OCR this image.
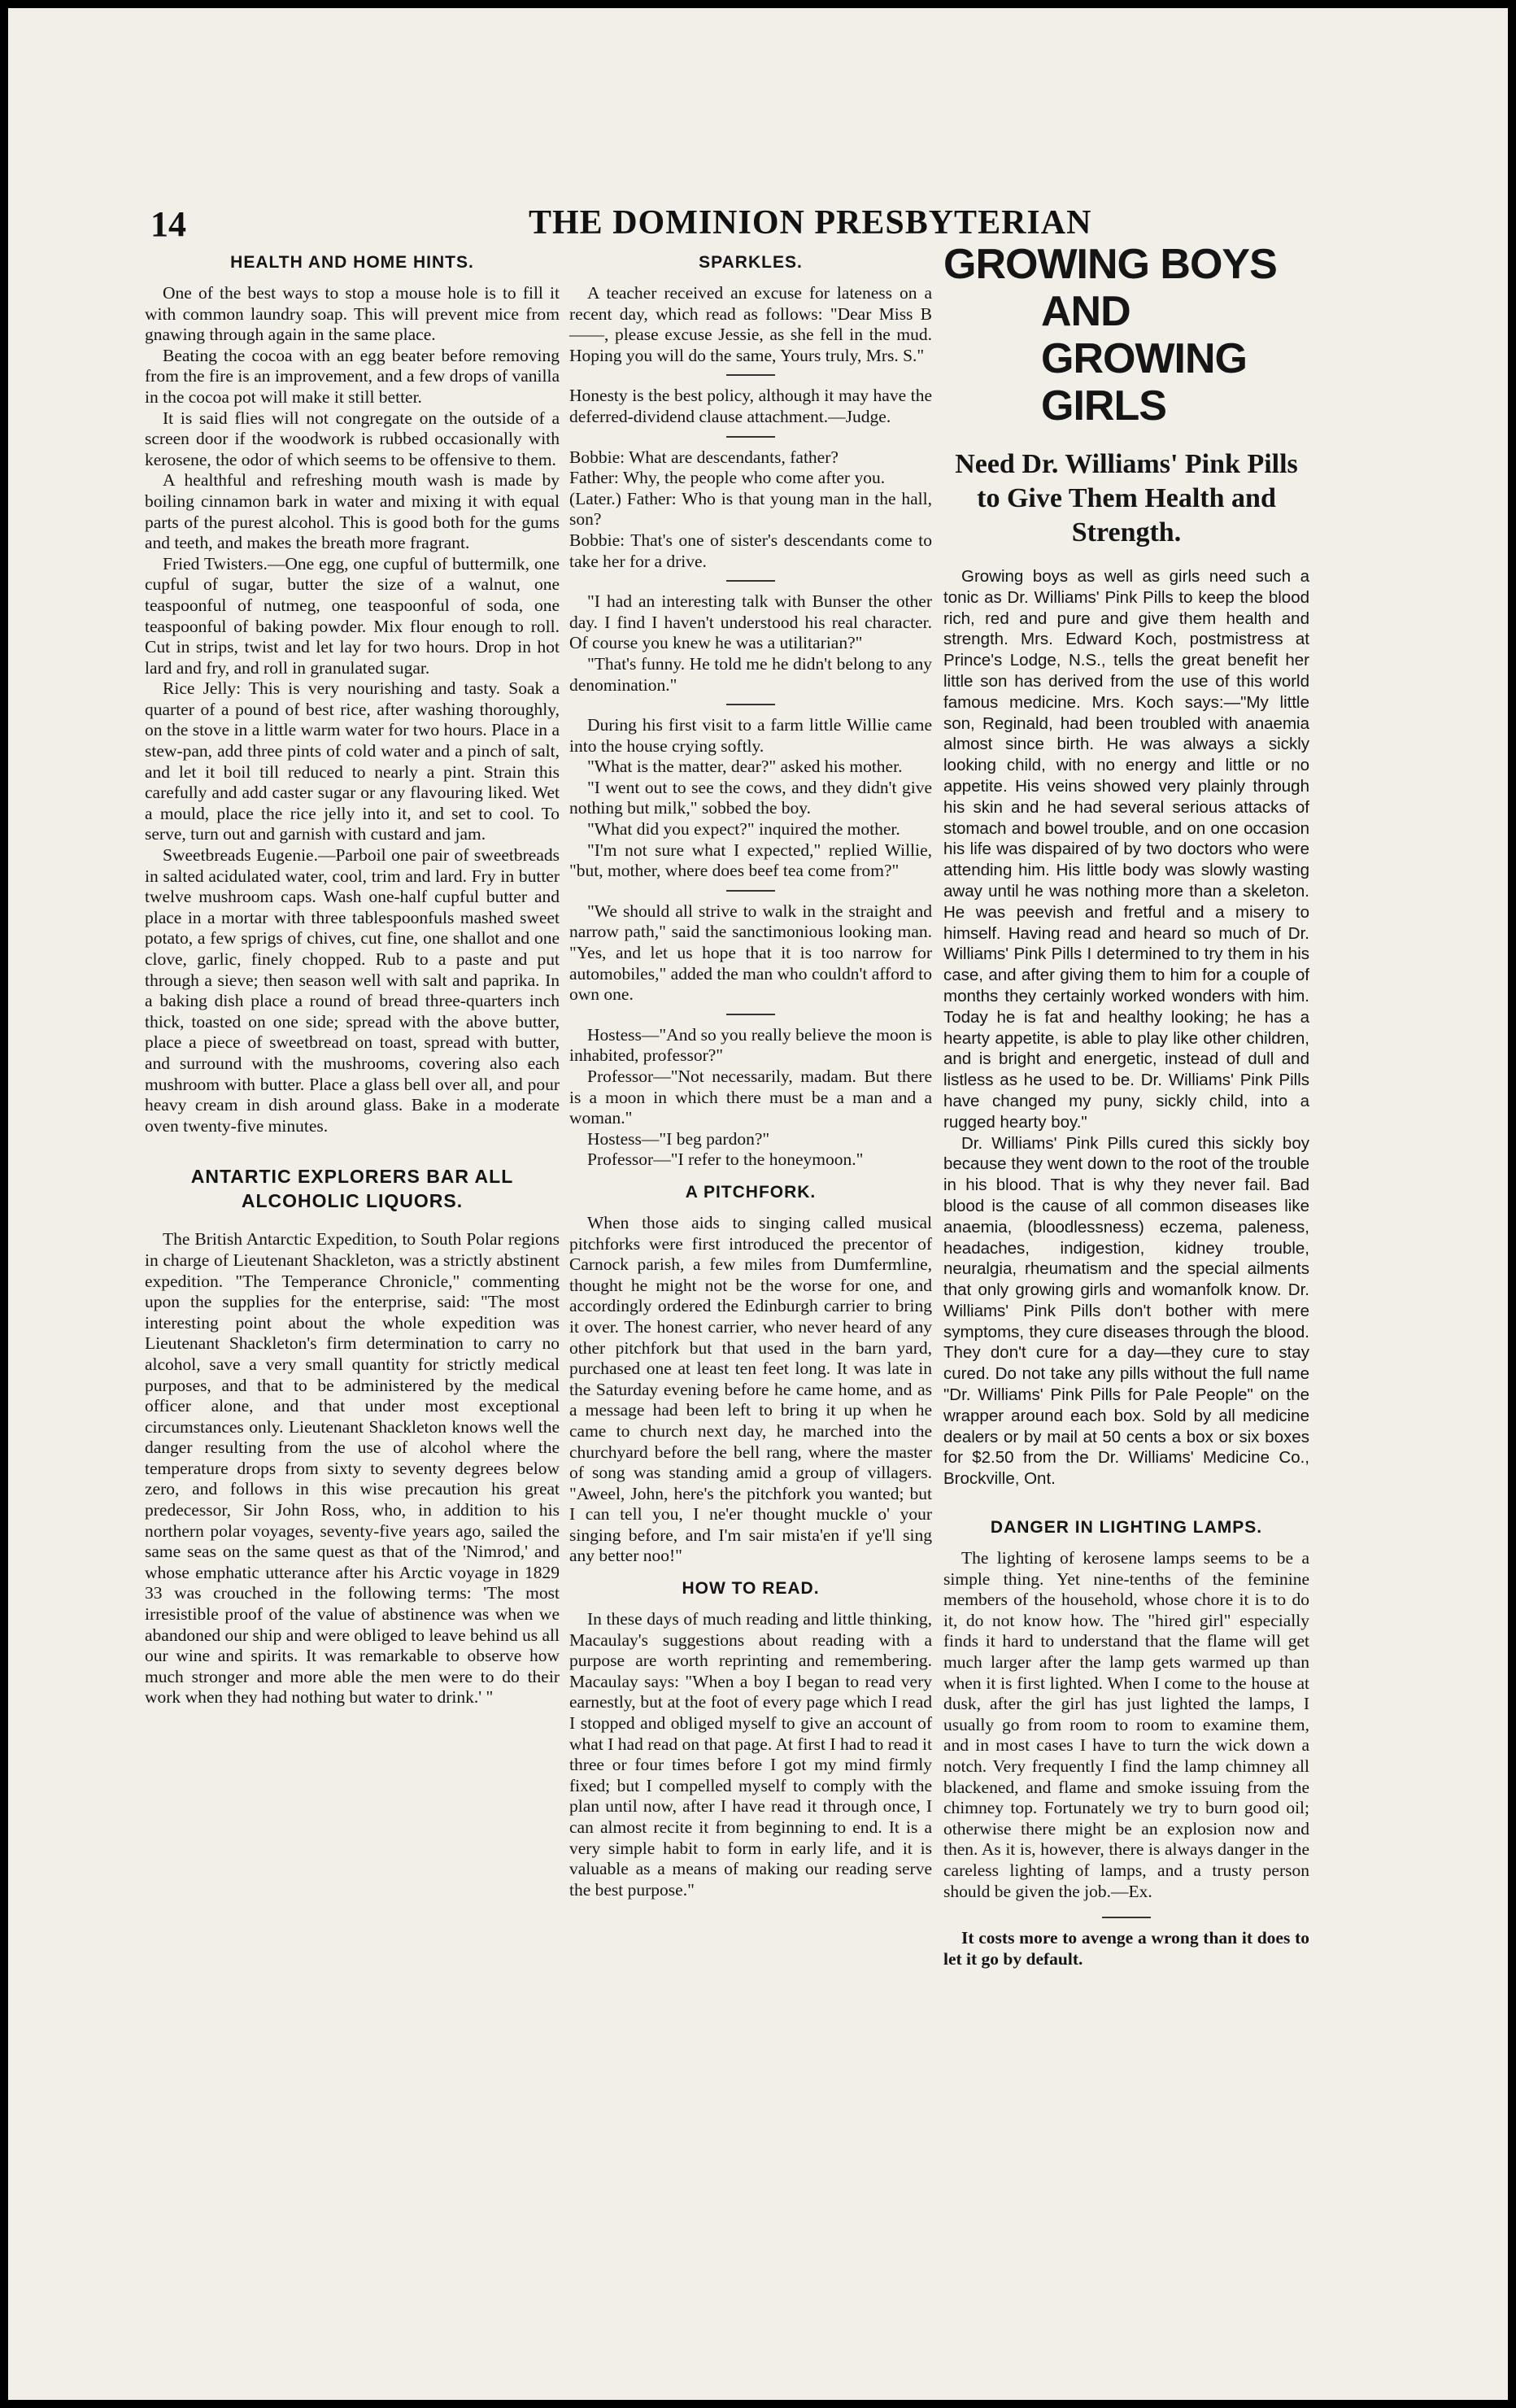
14	THE DOMINION PRESBYTERIAN
HEALTH AND HOME HINTS.

One of the best ways to stop a mouse hole is to fill it with common laundry soap. This will prevent mice from gnawing through again in the same place.

Beating the cocoa with an egg beater before removing from the fire is an improvement, and a few drops of vanilla in the cocoa pot will make it still better.

It is said flies will not congregate on the outside of a screen door if the woodwork is rubbed occasionally with kerosene, the odor of which seems to be offensive to them.

A healthful and refreshing mouth wash is made by boiling cinnamon bark in water and mixing it with equal parts of the purest alcohol. This is good both for the gums and teeth, and makes the breath more fragrant.

Fried Twisters.—One egg, one cupful of buttermilk, one cupful of sugar, butter the size of a walnut, one teaspoonful of nutmeg, one teaspoonful of soda, one teaspoonful of baking powder. Mix flour enough to roll. Cut in strips, twist and let lay for two hours. Drop in hot lard and fry, and roll in granulated sugar.

Rice Jelly: This is very nourishing and tasty. Soak a quarter of a pound of best rice, after washing thoroughly, on the stove in a little warm water for two hours. Place in a stew-pan, add three pints of cold water and a pinch of salt, and let it boil till reduced to nearly a pint. Strain this carefully and add caster sugar or any flavouring liked. Wet a mould, place the rice jelly into it, and set to cool. To serve, turn out and garnish with custard and jam.

Sweetbreads Eugenie.—Parboil one pair of sweetbreads in salted acidulated water, cool, trim and lard. Fry in butter twelve mushroom caps. Wash one-half cupful butter and place in a mortar with three tablespoonfuls mashed sweet potato, a few sprigs of chives, cut fine, one shallot and one clove, garlic, finely chopped. Rub to a paste and put through a sieve; then season well with salt and paprika. In a baking dish place a round of bread three-quarters inch thick, toasted on one side; spread with the above butter, place a piece of sweetbread on toast, spread with butter, and surround with the mushrooms, covering also each mushroom with butter. Place a glass bell over all, and pour heavy cream in dish around glass. Bake in a moderate oven twenty-five minutes.

ANTARTIC EXPLORERS BAR ALL ALCOHOLIC LIQUORS.

The British Antarctic Expedition, to South Polar regions in charge of Lieutenant Shackleton, was a strictly abstinent expedition. "The Temperance Chronicle," commenting upon the supplies for the enterprise, said: "The most interesting point about the whole expedition was Lieutenant Shackleton's firm determination to carry no alcohol, save a very small quantity for strictly medical purposes, and that to be administered by the medical officer alone, and that under most exceptional circumstances only. Lieutenant Shackleton knows well the danger resulting from the use of alcohol where the temperature drops from sixty to seventy degrees below zero, and follows in this wise precaution his great predecessor, Sir John Ross, who, in addition to his northern polar voyages, seventy-five years ago, sailed the same seas on the same quest as that of the 'Nimrod,' and whose emphatic utterance after his Arctic voyage in 1829 33 was crouched in the following terms: 'The most irresistible proof of the value of abstinence was when we abandoned our ship and were obliged to leave behind us all our wine and spirits. It was remarkable to observe how much stronger and more able the men were to do their work when they had nothing but water to drink.' "

SPARKLES.

A teacher received an excuse for lateness on a recent day, which read as follows: "Dear Miss B——, please excuse Jessie, as she fell in the mud. Hoping you will do the same, Yours truly, Mrs. S."

Honesty is the best policy, although it may have the deferred-dividend clause attachment.—Judge.

Bobbie: What are descendants, father?

Father: Why, the people who come after you.

(Later.) Father: Who is that young man in the hall, son?

Bobbie: That's one of sister's descendants come to take her for a drive.

"I had an interesting talk with Bunser the other day. I find I haven't understood his real character. Of course you knew he was a utilitarian?"

"That's funny. He told me he didn't belong to any denomination."

During his first visit to a farm little Willie came into the house crying softly.

"What is the matter, dear?" asked his mother.

"I went out to see the cows, and they didn't give nothing but milk," sobbed the boy.

"What did you expect?" inquired the mother.

"I'm not sure what I expected," replied Willie, "but, mother, where does beef tea come from?"

"We should all strive to walk in the straight and narrow path," said the sanctimonious looking man. "Yes, and let us hope that it is too narrow for automobiles," added the man who couldn't afford to own one.

Hostess—"And so you really believe the moon is inhabited, professor?"

Professor—"Not necessarily, madam. But there is a moon in which there must be a man and a woman."

Hostess—"I beg pardon?"

Professor—"I refer to the honeymoon."

A PITCHFORK.

When those aids to singing called musical pitchforks were first introduced the precentor of Carnock parish, a few miles from Dumfermline, thought he might not be the worse for one, and accordingly ordered the Edinburgh carrier to bring it over. The honest carrier, who never heard of any other pitchfork but that used in the barn yard, purchased one at least ten feet long. It was late in the Saturday evening before he came home, and as a message had been left to bring it up when he came to church next day, he marched into the churchyard before the bell rang, where the master of song was standing amid a group of villagers. "Aweel, John, here's the pitchfork you wanted; but I can tell you, I ne'er thought muckle o' your singing before, and I'm sair mista'en if ye'll sing any better noo!"

HOW TO READ.

In these days of much reading and little thinking, Macaulay's suggestions about reading with a purpose are worth reprinting and remembering. Macaulay says: "When a boy I began to read very earnestly, but at the foot of every page which I read I stopped and obliged myself to give an account of what I had read on that page. At first I had to read it three or four times before I got my mind firmly fixed; but I compelled myself to comply with the plan until now, after I have read it through once, I can almost recite it from beginning to end. It is a very simple habit to form in early life, and it is valuable as a means of making our reading serve the best purpose."

GROWING BOYS
AND GROWING GIRLS
Need Dr. Williams' Pink Pills to Give Them Health and Strength.

Growing boys as well as girls need such a tonic as Dr. Williams' Pink Pills to keep the blood rich, red and pure and give them health and strength. Mrs. Edward Koch, postmistress at Prince's Lodge, N.S., tells the great benefit her little son has derived from the use of this world famous medicine. Mrs. Koch says:—"My little son, Reginald, had been troubled with anaemia almost since birth. He was always a sickly looking child, with no energy and little or no appetite. His veins showed very plainly through his skin and he had several serious attacks of stomach and bowel trouble, and on one occasion his life was dispaired of by two doctors who were attending him. His little body was slowly wasting away until he was nothing more than a skeleton. He was peevish and fretful and a misery to himself. Having read and heard so much of Dr. Williams' Pink Pills I determined to try them in his case, and after giving them to him for a couple of months they certainly worked wonders with him. Today he is fat and healthy looking; he has a hearty appetite, is able to play like other children, and is bright and energetic, instead of dull and listless as he used to be. Dr. Williams' Pink Pills have changed my puny, sickly child, into a rugged hearty boy."

Dr. Williams' Pink Pills cured this sickly boy because they went down to the root of the trouble in his blood. That is why they never fail. Bad blood is the cause of all common diseases like anaemia, (bloodlessness) eczema, paleness, headaches, indigestion, kidney trouble, neuralgia, rheumatism and the special ailments that only growing girls and womanfolk know. Dr. Williams' Pink Pills don't bother with mere symptoms, they cure diseases through the blood. They don't cure for a day—they cure to stay cured. Do not take any pills without the full name "Dr. Williams' Pink Pills for Pale People" on the wrapper around each box. Sold by all medicine dealers or by mail at 50 cents a box or six boxes for $2.50 from the Dr. Williams' Medicine Co., Brockville, Ont.

DANGER IN LIGHTING LAMPS.

The lighting of kerosene lamps seems to be a simple thing. Yet nine-tenths of the feminine members of the household, whose chore it is to do it, do not know how. The "hired girl" especially finds it hard to understand that the flame will get much larger after the lamp gets warmed up than when it is first lighted. When I come to the house at dusk, after the girl has just lighted the lamps, I usually go from room to room to examine them, and in most cases I have to turn the wick down a notch. Very frequently I find the lamp chimney all blackened, and flame and smoke issuing from the chimney top. Fortunately we try to burn good oil; otherwise there might be an explosion now and then. As it is, however, there is always danger in the careless lighting of lamps, and a trusty person should be given the job.—Ex.

It costs more to avenge a wrong than it does to let it go by default.
